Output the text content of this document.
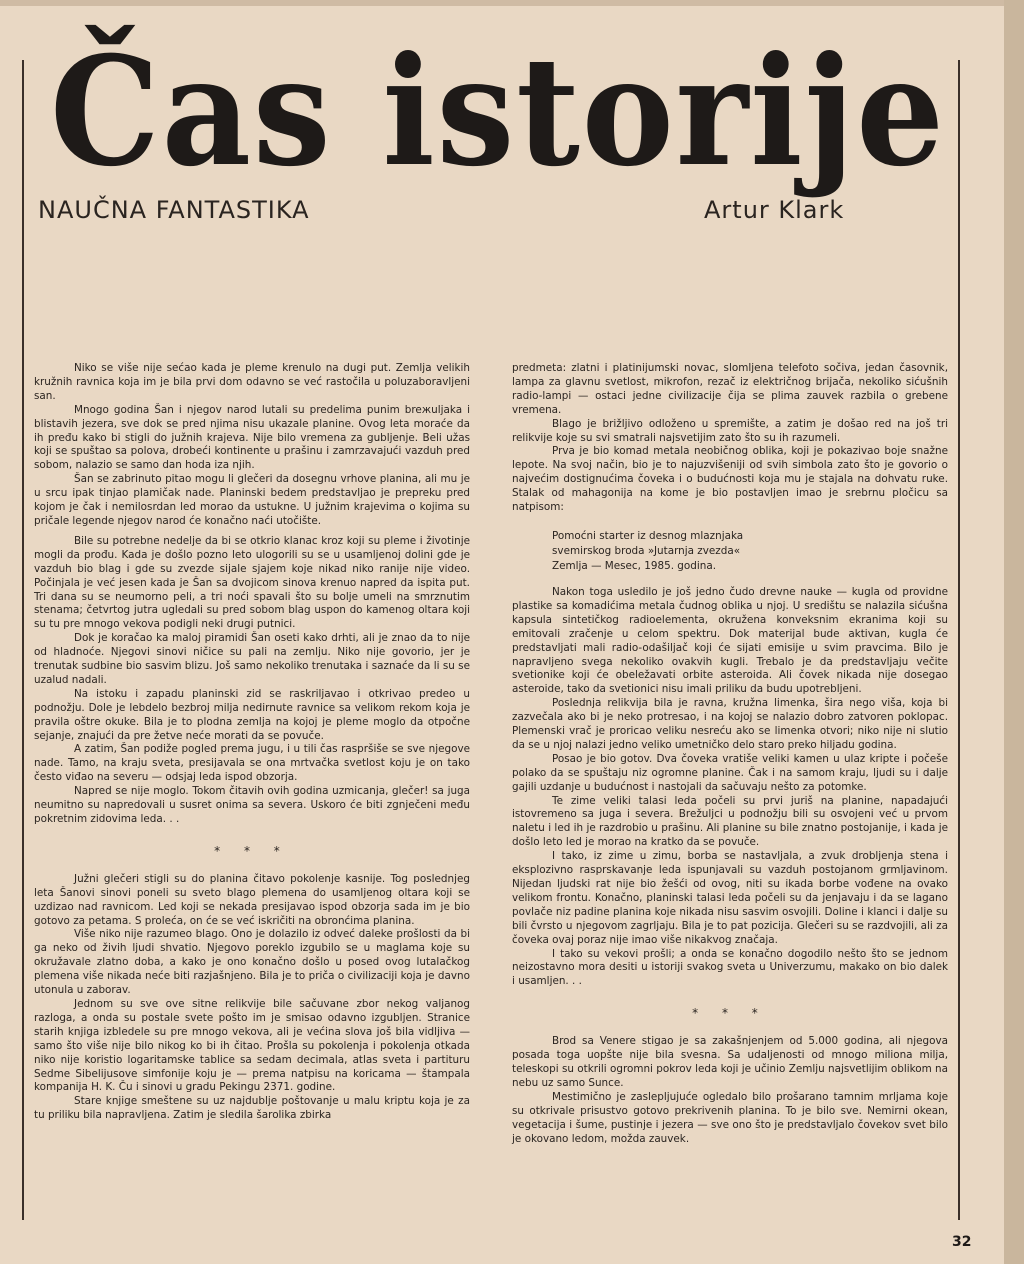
Čas istorije
NAUČNA FANTASTIKA	Artur Klark

Niko se više nije sećao kada je pleme krenulo na dugi put. Zemlja velikih kružnih ravnica koja im je bila prvi dom odavno se već rastočila u poluzaboravljeni san.

Mnogo godina Šan i njegov narod lutali su predelima punim breжuljaka i blistavih jezera, sve dok se pred njima nisu ukazale planine. Ovog leta moraće da ih pređu kako bi stigli do južnih krajeva. Nije bilo vremena za gubljenje. Beli užas koji se spuštao sa polova, drobeći kontinente u prašinu i zamrzavajući vazduh pred sobom, nalazio se samo dan hoda iza njih.

Šan se zabrinuto pitao mogu li glečeri da dosegnu vrhove planina, ali mu je u srcu ipak tinjao plamičak nade. Planinski bedem predstavljao je prepreku pred kojom je čak i nemilosrdan led morao da ustukne. U južnim krajevima o kojima su pričale legende njegov narod će konačno naći utočište.

Bile su potrebne nedelje da bi se otkrio klanac kroz koji su pleme i životinje mogli da prođu. Kada je došlo pozno leto ulogorili su se u usamljenoj dolini gde je vazduh bio blag i gde su zvezde sijale sjajem koje nikad niko ranije nije video. Počinjala je već jesen kada je Šan sa dvojicom sinova krenuo napred da ispita put. Tri dana su se neumorno peli, a tri noći spavali što su bolje umeli na smrznutim stenama; četvrtog jutra ugledali su pred sobom blag uspon do kamenog oltara koji su tu pre mnogo vekova podigli neki drugi putnici.

Dok je koračao ka maloj piramidi Šan oseti kako drhti, ali je znao da to nije od hladnoće. Njegovi sinovi ničice su pali na zemlju. Niko nije govorio, jer je trenutak sudbine bio sasvim blizu. Još samo nekoliko trenutaka i saznaće da li su se uzalud nadali.

Na istoku i zapadu planinski zid se raskriljavao i otkrivao predeo u podnožju. Dole je lebdelo bezbroj milja nedirnute ravnice sa velikom rekom koja je pravila oštre okuke. Bila je to plodna zemlja na kojoj je pleme moglo da otpočne sejanje, znajući da pre žetve neće morati da se povuče.

A zatim, Šan podiže pogled prema jugu, i u tili čas raspršiše se sve njegove nade. Tamo, na kraju sveta, presijavala se ona mrtvačka svetlost koju je on tako često viđao na severu — odsjaj leda ispod obzorja.

Napred se nije moglo. Tokom čitavih ovih godina uzmicanja, glečer! sa juga neumitno su napredovali u susret onima sa severa. Uskoro će biti zgnječeni među pokretnim zidovima leda. . .

* * *

Južni glečeri stigli su do planina čitavo pokolenje kasnije. Tog poslednjeg leta Šanovi sinovi poneli su sveto blago plemena do usamljenog oltara koji se uzdizao nad ravnicom. Led koji se nekada presijavao ispod obzorja sada im je bio gotovo za petama. S proleća, on će se već iskričiti na obronćima planina.

Više niko nije razumeo blago. Ono je dolazilo iz odveć daleke prošlosti da bi ga neko od živih ljudi shvatio. Njegovo poreklo izgubilo se u maglama koje su okružavale zlatno doba, a kako je ono konačno došlo u posed ovog lutalačkog plemena više nikada neće biti razjašnjeno. Bila je to priča o civilizaciji koja je davno utonula u zaborav.

Jednom su sve ove sitne relikvije bile sačuvane zbor nekog valjanog razloga, a onda su postale svete pošto im je smisao odavno izgubljen. Stranice starih knjiga izbledele su pre mnogo vekova, ali je većina slova još bila vidljiva — samo što više nije bilo nikog ko bi ih čitao. Prošla su pokolenja i pokolenja otkada niko nije koristio logaritamske tablice sa sedam decimala, atlas sveta i partituru Sedme Sibelijusove simfonije koju je — prema natpisu na koricama — štampala kompanija H. K. Ču i sinovi u gradu Pekingu 2371. godine.

Stare knjige smeštene su uz najdublje poštovanje u malu kriptu koja je za tu priliku bila napravljena. Zatim je sledila šarolika zbirka

predmeta: zlatni i platinijumski novac, slomljena telefoto sočiva, jedan časovnik, lampa za glavnu svetlost, mikrofon, rezač iz električnog brijača, nekoliko sićušnih radio-lampi — ostaci jedne civilizacije čija se plima zauvek razbila o grebene vremena.

Blago je brižljivo odloženo u spremište, a zatim je došao red na još tri relikvije koje su svi smatrali najsvetijim zato što su ih razumeli.

Prva je bio komad metala neobičnog oblika, koji je pokazivao boje snažne lepote. Na svoj način, bio je to najuzvišeniji od svih simbola zato što je govorio o najvećim dostignućima čoveka i o budućnosti koja mu je stajala na dohvatu ruke. Stalak od mahagonija na kome je bio postavljen imao je srebrnu pločicu sa natpisom:

Pomoćni starter iz desnog mlaznjaka
svemirskog broda »Jutarnja zvezda«
Zemlja — Mesec, 1985. godina.

Nakon toga usledilo je još jedno čudo drevne nauke — kugla od providne plastike sa komadićima metala čudnog oblika u njoj. U središtu se nalazila sićušna kapsula sintetičkog radioelementa, okružena konveksnim ekranima koji su emitovali zračenje u celom spektru. Dok materijal bude aktivan, kugla će predstavljati mali radio-odašiljač koji će sijati emisije u svim pravcima. Bilo je napravljeno svega nekoliko ovakvih kugli. Trebalo je da predstavljaju večite svetionike koji će obeležavati orbite asteroida. Ali čovek nikada nije dosegao asteroide, tako da svetionici nisu imali priliku da budu upotrebljeni.

Poslednja relikvija bila je ravna, kružna limenka, šira nego viša, koja bi zazvečala ako bi je neko protresao, i na kojoj se nalazio dobro zatvoren poklopac. Plemenski vrač je proricao veliku nesreću ako se limenka otvori; niko nije ni slutio da se u njoj nalazi jedno veliko umetničko delo staro preko hiljadu godina.

Posao je bio gotov. Dva čoveka vratiše veliki kamen u ulaz kripte i počeše polako da se spuštaju niz ogromne planine. Čak i na samom kraju, ljudi su i dalje gajili uzdanje u budućnost i nastojali da sačuvaju nešto za potomke.

Te zime veliki talasi leda počeli su prvi juriš na planine, napadajući istovremeno sa juga i severa. Brežuljci u podnožju bili su osvojeni već u prvom naletu i led ih je razdrobio u prašinu. Ali planine su bile znatno postojanije, i kada je došlo leto led je morao na kratko da se povuče.

I tako, iz zime u zimu, borba se nastavljala, a zvuk drobljenja stena i eksplozivno rasprskavanje leda ispunjavali su vazduh postojanom grmljavinom. Nijedan ljudski rat nije bio žešći od ovog, niti su ikada borbe vođene na ovako velikom frontu. Konačno, planinski talasi leda počeli su da jenjavaju i da se lagano povlače niz padine planina koje nikada nisu sasvim osvojili. Doline i klanci i dalje su bili čvrsto u njegovom zagrljaju. Bila je to pat pozicija. Glečeri su se razdvojili, ali za čoveka ovaj poraz nije imao više nikakvog značaja.

I tako su vekovi prošli; a onda se konačno dogodilo nešto što se jednom neizostavno mora desiti u istoriji svakog sveta u Univerzumu, makako on bio dalek i usamljen. . .

* * *

Brod sa Venere stigao je sa zakašnjenjem od 5.000 godina, ali njegova posada toga uopšte nije bila svesna. Sa udaljenosti od mnogo miliona milja, teleskopi su otkrili ogromni pokrov leda koji je učinio Zemlju najsvetlijim oblikom na nebu uz samo Sunce.

Mestimično je zaslepljujuće ogledalo bilo prošarano tamnim mrljama koje su otkrivale prisustvo gotovo prekrivenih planina. To je bilo sve. Nemirni okean, vegetacija i šume, pustinje i jezera — sve ono što je predstavljalo čovekov svet bilo je okovano ledom, možda zauvek.

32
